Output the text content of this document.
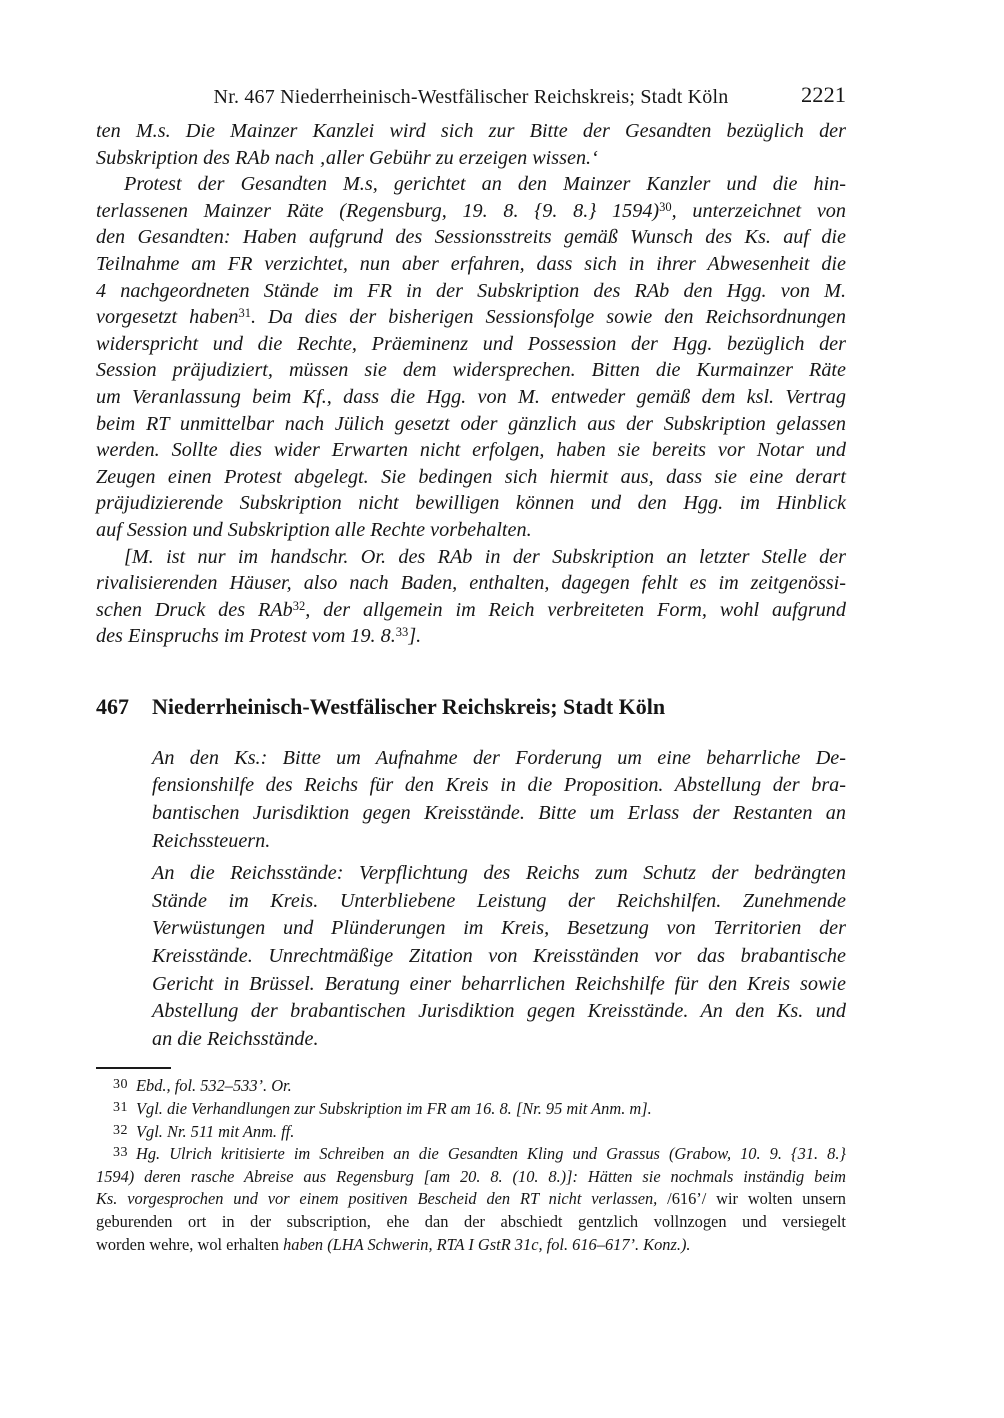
Nr. 467 Niederrheinisch-Westfälischer Reichskreis; Stadt Köln	2221
ten M.s. Die Mainzer Kanzlei wird sich zur Bitte der Gesandten bezüglich der
Subskription des RAb nach ‚aller Gebühr zu erzeigen wissen.‘
Protest der Gesandten M.s, gerichtet an den Mainzer Kanzler und die hin-
terlassenen Mainzer Räte (Regensburg, 19. 8. {9. 8.} 1594)$^{30}$, unterzeichnet von
den Gesandten: Haben aufgrund des Sessionsstreits gemäß Wunsch des Ks. auf die
Teilnahme am FR verzichtet, nun aber erfahren, dass sich in ihrer Abwesenheit die
4 nachgeordneten Stände im FR in der Subskription des RAb den Hgg. von M.
vorgesetzt haben$^{31}$. Da dies der bisherigen Sessionsfolge sowie den Reichsordnungen
widerspricht und die Rechte, Präeminenz und Possession der Hgg. bezüglich der
Session präjudiziert, müssen sie dem widersprechen. Bitten die Kurmainzer Räte
um Veranlassung beim Kf., dass die Hgg. von M. entweder gemäß dem ksl. Vertrag
beim RT unmittelbar nach Jülich gesetzt oder gänzlich aus der Subskription gelassen
werden. Sollte dies wider Erwarten nicht erfolgen, haben sie bereits vor Notar und
Zeugen einen Protest abgelegt. Sie bedingen sich hiermit aus, dass sie eine derart
präjudizierende Subskription nicht bewilligen können und den Hgg. im Hinblick
auf Session und Subskription alle Rechte vorbehalten.
[M. ist nur im handschr. Or. des RAb in der Subskription an letzter Stelle der
rivalisierenden Häuser, also nach Baden, enthalten, dagegen fehlt es im zeitgenössi-
schen Druck des RAb$^{32}$, der allgemein im Reich verbreiteten Form, wohl aufgrund
des Einspruchs im Protest vom 19. 8.33].
467	Niederrheinisch-Westfälischer Reichskreis; Stadt Köln
An den Ks.: Bitte um Aufnahme der Forderung um eine beharrliche De-
fensionshilfe des Reichs für den Kreis in die Proposition. Abstellung der bra-
bantischen Jurisdiktion gegen Kreisstände. Bitte um Erlass der Restanten an
Reichssteuern.
An die Reichsstände: Verpflichtung des Reichs zum Schutz der bedrängten
Stände im Kreis. Unterbliebene Leistung der Reichshilfen. Zunehmende
Verwüstungen und Plünderungen im Kreis, Besetzung von Territorien der
Kreisstände. Unrechtmäßige Zitation von Kreisständen vor das brabantische
Gericht in Brüssel. Beratung einer beharrlichen Reichshilfe für den Kreis sowie
Abstellung der brabantischen Jurisdiktion gegen Kreisstände. An den Ks. und
an die Reichsstände.
$^{30}$ Ebd., fol. 532–533’. Or.
$^{31}$ Vgl. die Verhandlungen zur Subskription im FR am 16. 8. [Nr. 95 mit Anm. m].
$^{32}$ Vgl. Nr. 511 mit Anm. ff.
$^{33}$ Hg. Ulrich kritisierte im Schreiben an die Gesandten Kling und Grassus (Grabow, 10. 9. {31. 8.}
1594) deren rasche Abreise aus Regensburg [am 20. 8. (10. 8.)]: Hätten sie nochmals inständig beim
Ks. vorgesprochen und vor einem positiven Bescheid den RT nicht verlassen, /616’/ wir wolten unsern
geburenden ort in der subscription, ehe dan der abschiedt gentzlich vollnzogen und versiegelt
worden wehre, wol erhalten haben (LHA Schwerin, RTA I GstR 31c, fol. 616–617’. Konz.).
